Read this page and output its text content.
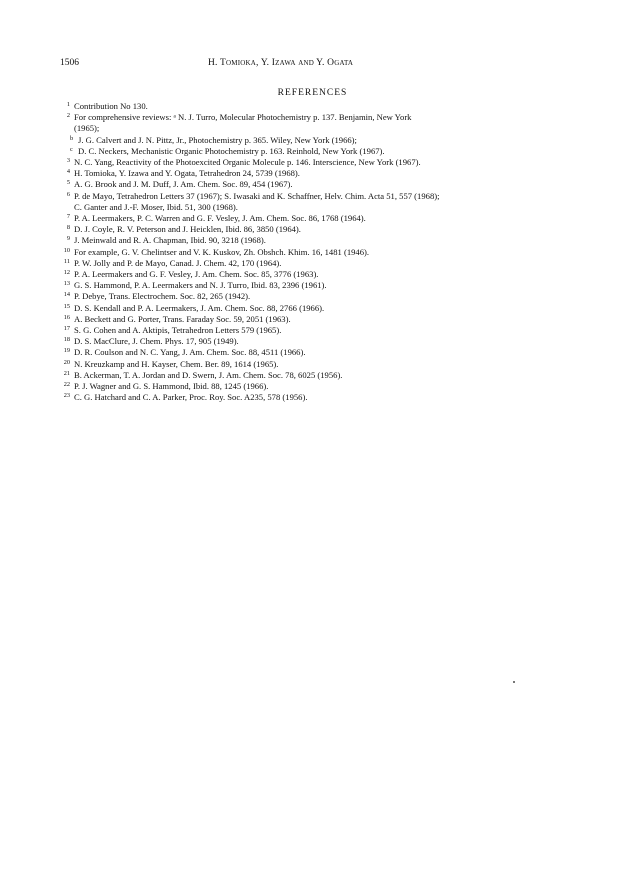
1506	H. Tomioka, Y. Izawa and Y. Ogata
REFERENCES
1 Contribution No 130.
2 For comprehensive reviews: ᵃ N. J. Turro, Molecular Photochemistry p. 137. Benjamin, New York
(1965);
b J. G. Calvert and J. N. Pittz, Jr., Photochemistry p. 365. Wiley, New York (1966);
c D. C. Neckers, Mechanistic Organic Photochemistry p. 163. Reinhold, New York (1967).
3 N. C. Yang, Reactivity of the Photoexcited Organic Molecule p. 146. Interscience, New York (1967).
4 H. Tomioka, Y. Izawa and Y. Ogata, Tetrahedron 24, 5739 (1968).
5 A. G. Brook and J. M. Duff, J. Am. Chem. Soc. 89, 454 (1967).
6 P. de Mayo, Tetrahedron Letters 37 (1967); S. Iwasaki and K. Schaffner, Helv. Chim. Acta 51, 557 (1968);
C. Ganter and J.-F. Moser, Ibid. 51, 300 (1968).
7 P. A. Leermakers, P. C. Warren and G. F. Vesley, J. Am. Chem. Soc. 86, 1768 (1964).
8 D. J. Coyle, R. V. Peterson and J. Heicklen, Ibid. 86, 3850 (1964).
9 J. Meinwald and R. A. Chapman, Ibid. 90, 3218 (1968).
10 For example, G. V. Chelintser and V. K. Kuskov, Zh. Obshch. Khim. 16, 1481 (1946).
11 P. W. Jolly and P. de Mayo, Canad. J. Chem. 42, 170 (1964).
12 P. A. Leermakers and G. F. Vesley, J. Am. Chem. Soc. 85, 3776 (1963).
13 G. S. Hammond, P. A. Leermakers and N. J. Turro, Ibid. 83, 2396 (1961).
14 P. Debye, Trans. Electrochem. Soc. 82, 265 (1942).
15 D. S. Kendall and P. A. Leermakers, J. Am. Chem. Soc. 88, 2766 (1966).
16 A. Beckett and G. Porter, Trans. Faraday Soc. 59, 2051 (1963).
17 S. G. Cohen and A. Aktipis, Tetrahedron Letters 579 (1965).
18 D. S. MacClure, J. Chem. Phys. 17, 905 (1949).
19 D. R. Coulson and N. C. Yang, J. Am. Chem. Soc. 88, 4511 (1966).
20 N. Kreuzkamp and H. Kayser, Chem. Ber. 89, 1614 (1965).
21 B. Ackerman, T. A. Jordan and D. Swern, J. Am. Chem. Soc. 78, 6025 (1956).
22 P. J. Wagner and G. S. Hammond, Ibid. 88, 1245 (1966).
23 C. G. Hatchard and C. A. Parker, Proc. Roy. Soc. A235, 578 (1956).
